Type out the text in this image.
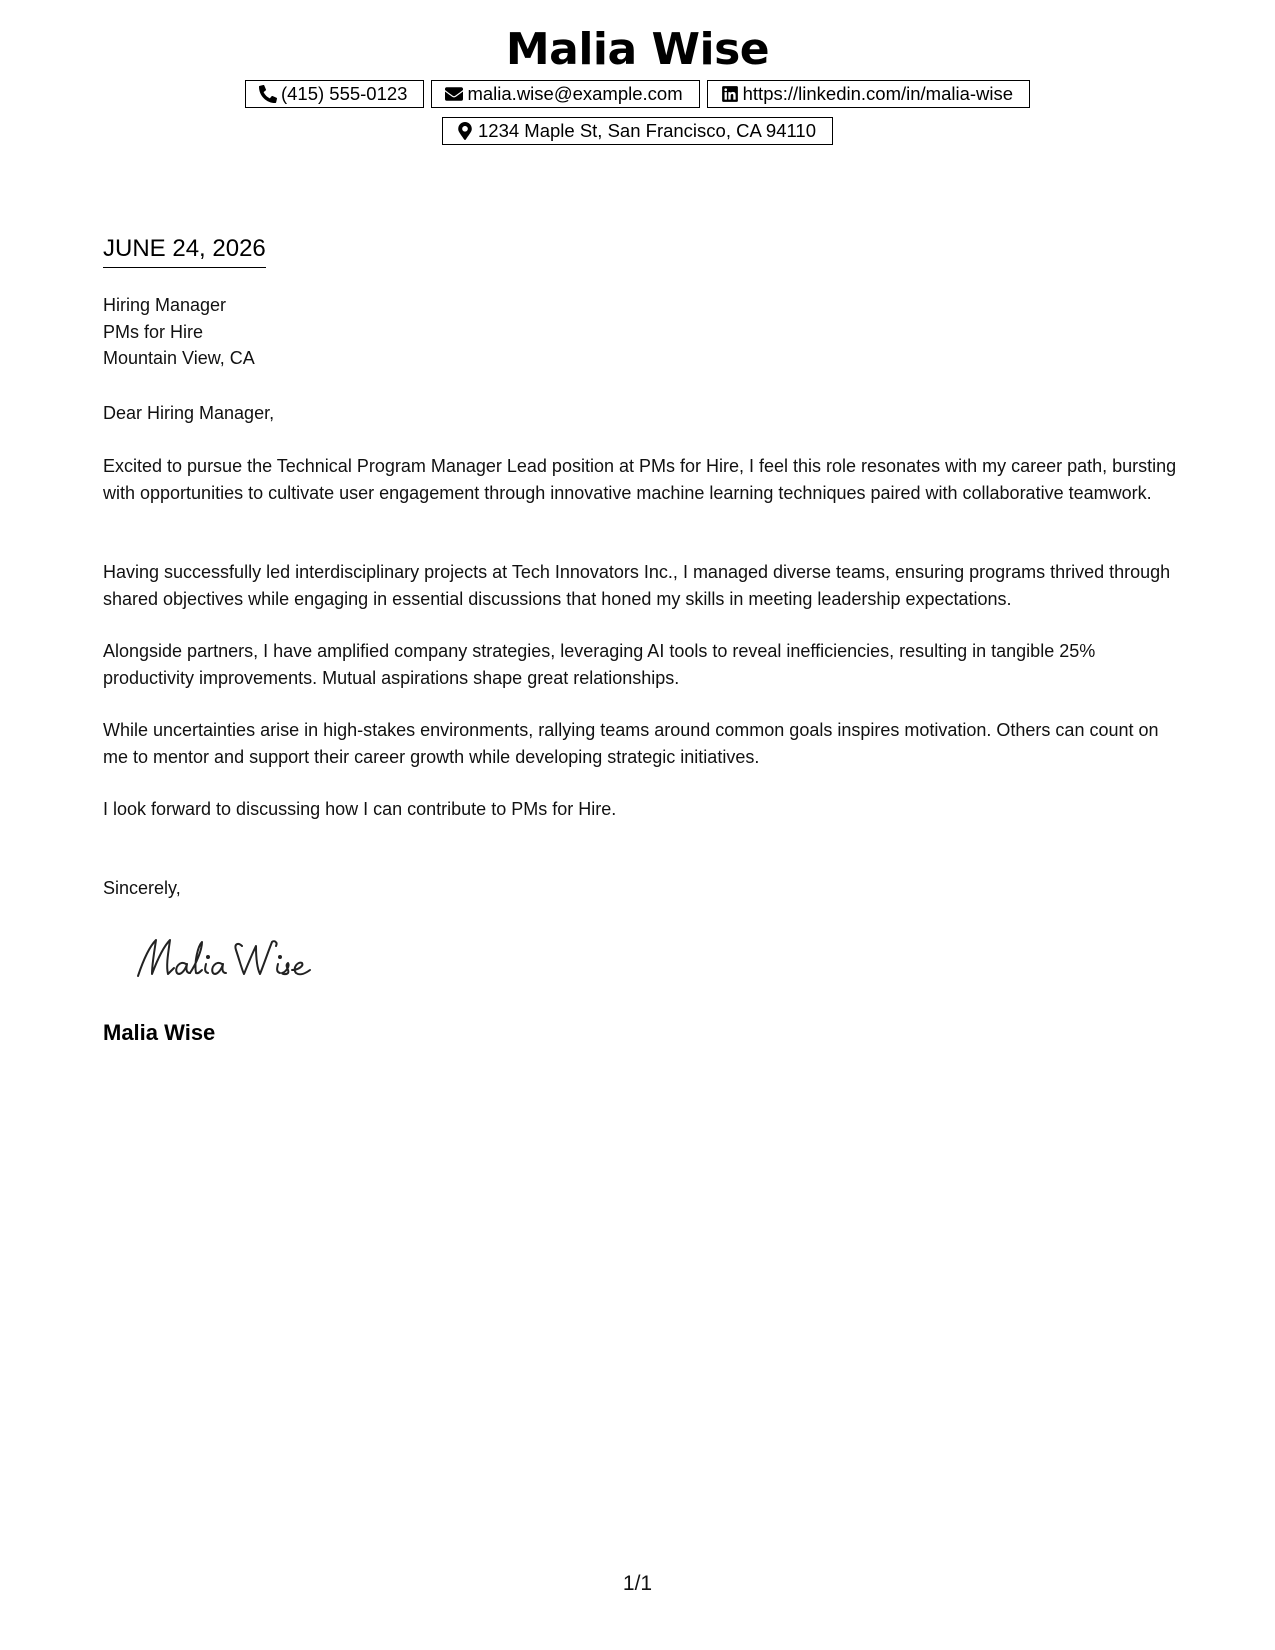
Malia Wise
(415) 555-0123	malia.wise@example.com	https://linkedin.com/in/malia-wise
1234 Maple St, San Francisco, CA 94110
JUNE 24, 2026
Hiring Manager
PMs for Hire
Mountain View, CA
Dear Hiring Manager,
Excited to pursue the Technical Program Manager Lead position at PMs for Hire, I feel this role resonates with my career path, bursting with opportunities to cultivate user engagement through innovative machine learning techniques paired with collaborative teamwork.
Having successfully led interdisciplinary projects at Tech Innovators Inc., I managed diverse teams, ensuring programs thrived through shared objectives while engaging in essential discussions that honed my skills in meeting leadership expectations.
Alongside partners, I have amplified company strategies, leveraging AI tools to reveal inefficiencies, resulting in tangible 25% productivity improvements. Mutual aspirations shape great relationships.
While uncertainties arise in high-stakes environments, rallying teams around common goals inspires motivation. Others can count on me to mentor and support their career growth while developing strategic initiatives.
I look forward to discussing how I can contribute to PMs for Hire.
Sincerely,
Malia Wise
1/1
